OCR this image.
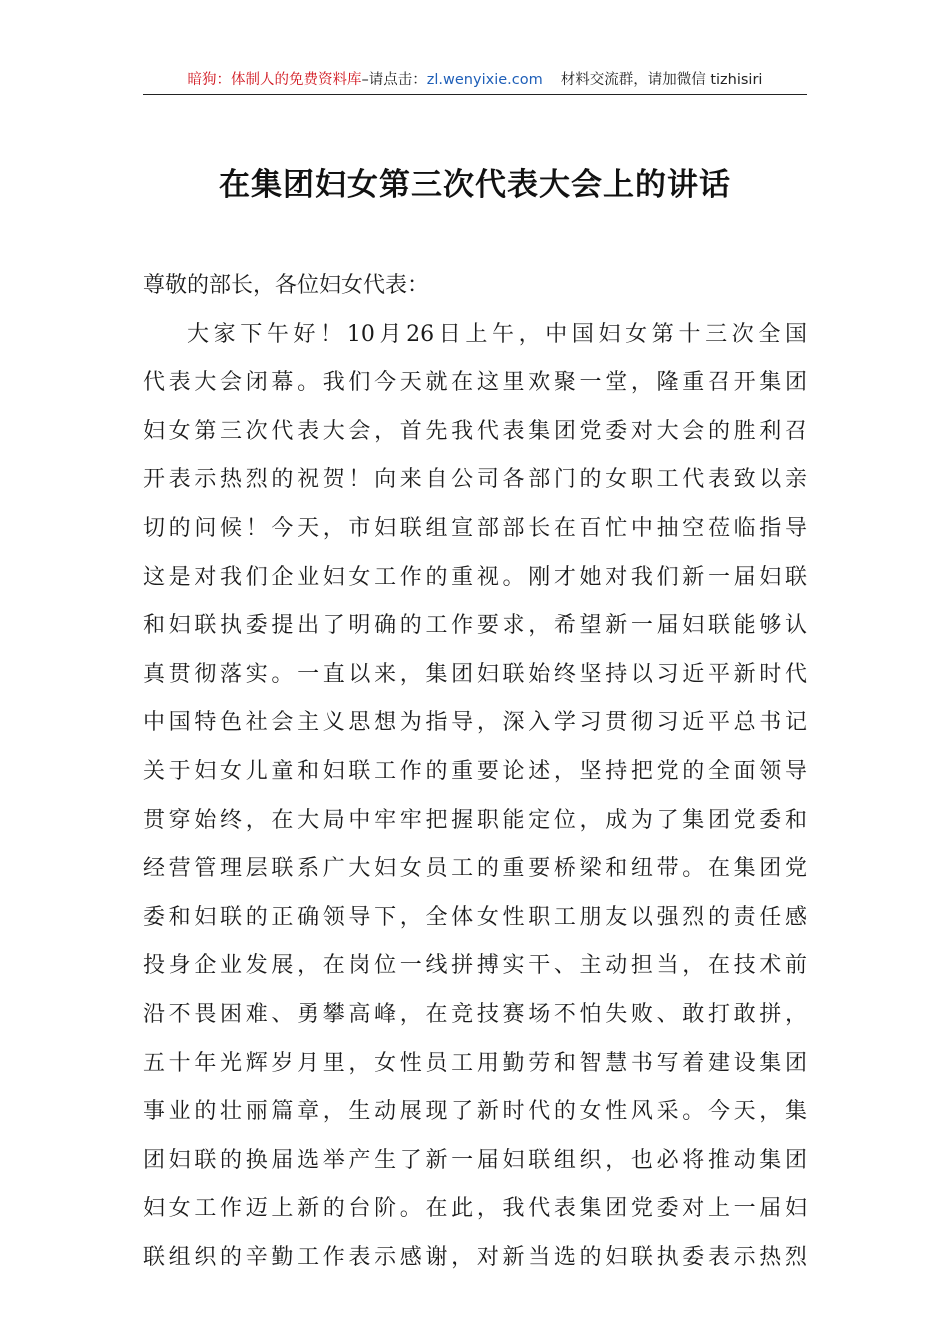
暗狗：体制人的免费资料库–请点击：zl.wenyixie.com 材料交流群，请加微信 tizhisiri
在集团妇女第三次代表大会上的讲话
尊敬的部长，各位妇女代表：
大家下午好！10月26日上午，中国妇女第十三次全国
代表大会闭幕。我们今天就在这里欢聚一堂，隆重召开集团
妇女第三次代表大会，首先我代表集团党委对大会的胜利召
开表示热烈的祝贺！向来自公司各部门的女职工代表致以亲
切的问候！今天，市妇联组宣部部长在百忙中抽空莅临指导
这是对我们企业妇女工作的重视。刚才她对我们新一届妇联
和妇联执委提出了明确的工作要求，希望新一届妇联能够认
真贯彻落实。一直以来，集团妇联始终坚持以习近平新时代
中国特色社会主义思想为指导，深入学习贯彻习近平总书记
关于妇女儿童和妇联工作的重要论述，坚持把党的全面领导
贯穿始终，在大局中牢牢把握职能定位，成为了集团党委和
经营管理层联系广大妇女员工的重要桥梁和纽带。在集团党
委和妇联的正确领导下，全体女性职工朋友以强烈的责任感
投身企业发展，在岗位一线拼搏实干、主动担当，在技术前
沿不畏困难、勇攀高峰，在竞技赛场不怕失败、敢打敢拼，
五十年光辉岁月里，女性员工用勤劳和智慧书写着建设集团
事业的壮丽篇章，生动展现了新时代的女性风采。今天，集
团妇联的换届选举产生了新一届妇联组织，也必将推动集团
妇女工作迈上新的台阶。在此，我代表集团党委对上一届妇
联组织的辛勤工作表示感谢，对新当选的妇联执委表示热烈
